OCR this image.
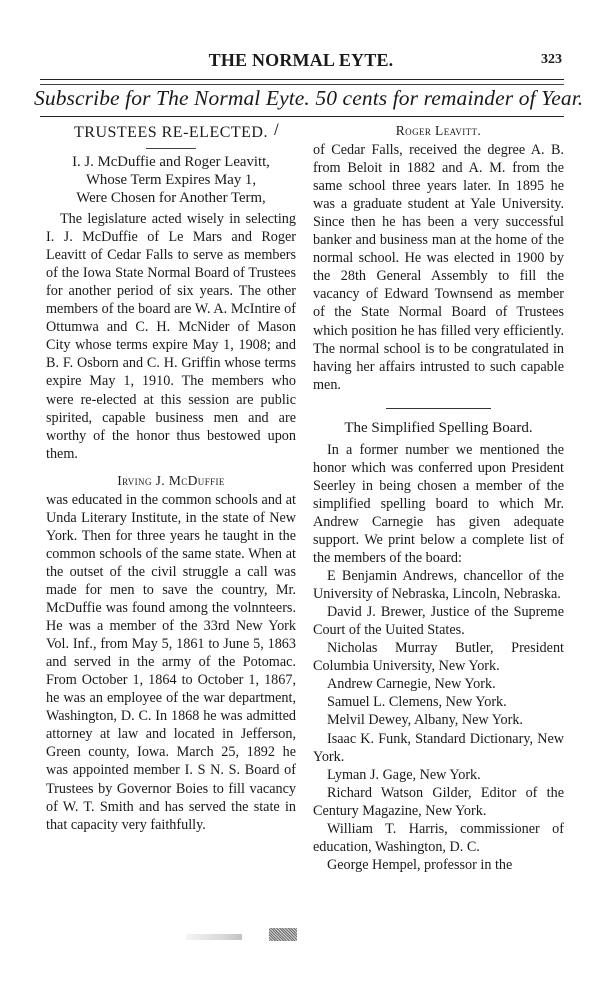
THE NORMAL EYTE.	323
Subscribe for The Normal Eyte. 50 cents for remainder of Year.
TRUSTEES RE-ELECTED.
I. J. McDuffie and Roger Leavitt,
Whose Term Expires May 1,
Were Chosen for Another Term,

The legislature acted wisely in selecting I. J. McDuffie of Le Mars and Roger Leavitt of Cedar Falls to serve as members of the Iowa State Normal Board of Trustees for another period of six years. The other members of the board are W. A. McIntire of Ottumwa and C. H. McNider of Mason City whose terms expire May 1, 1908; and B. F. Osborn and C. H. Griffin whose terms expire May 1, 1910. The members who were re-elected at this session are public spirited, capable business men and are worthy of the honor thus bestowed upon them.

Irving J. McDuffie

was educated in the common schools and at Unda Literary Institute, in the state of New York. Then for three years he taught in the common schools of the same state. When at the outset of the civil struggle a call was made for men to save the country, Mr. McDuffie was found among the volnnteers. He was a member of the 33rd New York Vol. Inf., from May 5, 1861 to June 5, 1863 and served in the army of the Potomac. From October 1, 1864 to October 1, 1867, he was an employee of the war department, Washington, D. C. In 1868 he was admitted attorney at law and located in Jefferson, Green county, Iowa. March 25, 1892 he was appointed member I. S N. S. Board of Trustees by Governor Boies to fill vacancy of W. T. Smith and has served the state in that capacity very faithfully.

Roger Leavitt.

of Cedar Falls, received the degree A. B. from Beloit in 1882 and A. M. from the same school three years later. In 1895 he was a graduate student at Yale University. Since then he has been a very successful banker and business man at the home of the normal school. He was elected in 1900 by the 28th General Assembly to fill the vacancy of Edward Townsend as member of the State Normal Board of Trustees which position he has filled very efficiently. The normal school is to be congratulated in having her affairs intrusted to such capable men.

The Simplified Spelling Board.

In a former number we mentioned the honor which was conferred upon President Seerley in being chosen a member of the simplified spelling board to which Mr. Andrew Carnegie has given adequate support. We print below a complete list of the members of the board:

E Benjamin Andrews, chancellor of the University of Nebraska, Lincoln, Nebraska.

David J. Brewer, Justice of the Supreme Court of the Uuited States.

Nicholas Murray Butler, President Columbia University, New York.

Andrew Carnegie, New York.

Samuel L. Clemens, New York.

Melvil Dewey, Albany, New York.

Isaac K. Funk, Standard Dictionary, New York.

Lyman J. Gage, New York.

Richard Watson Gilder, Editor of the Century Magazine, New York.

William T. Harris, commissioner of education, Washington, D. C.

George Hempel, professor in the

/
